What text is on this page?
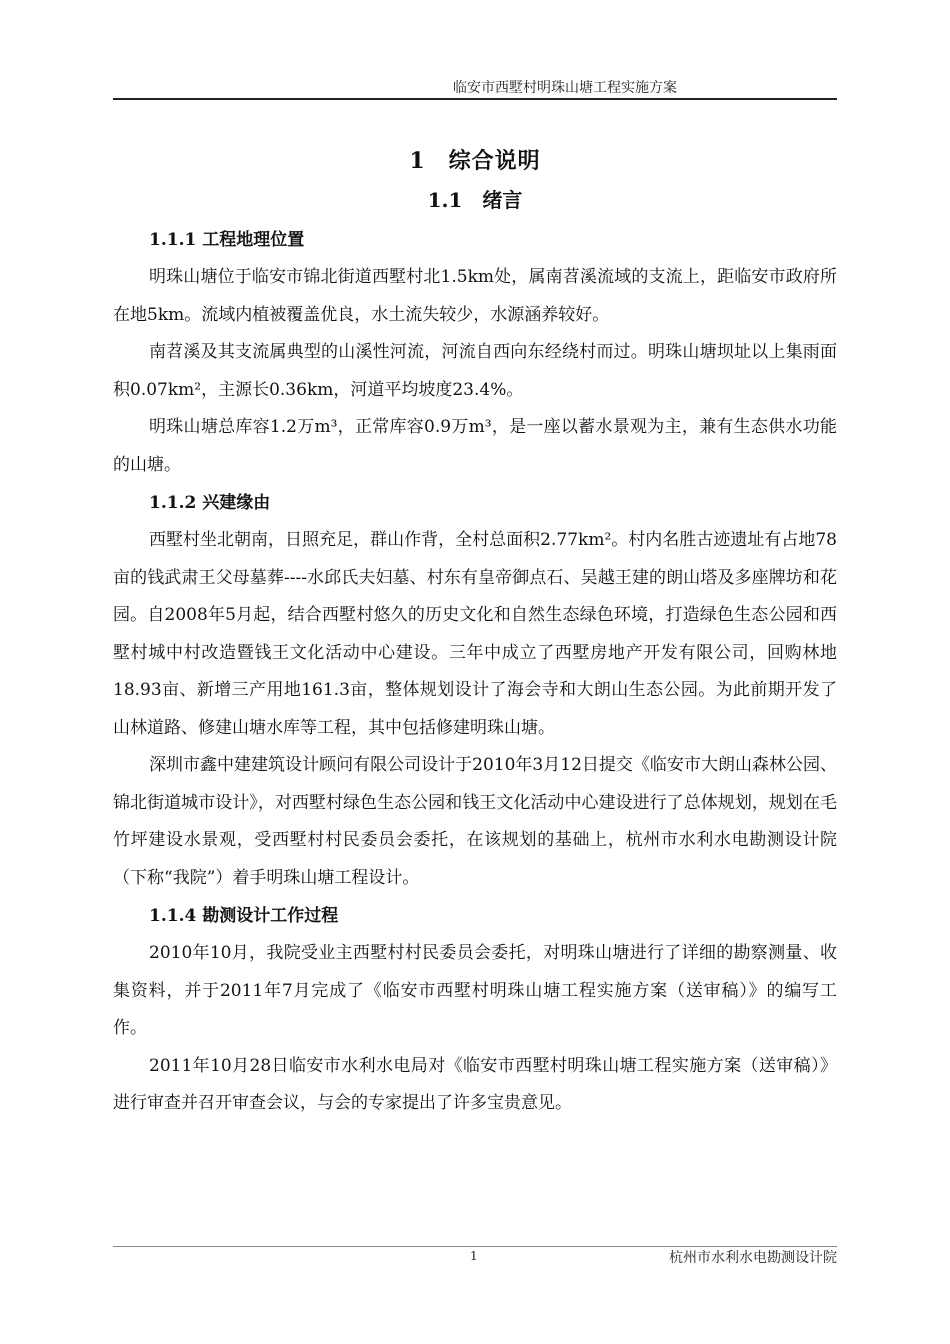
临安市西墅村明珠山塘工程实施方案
1　综合说明
1.1　绪言
1.1.1 工程地理位置

明珠山塘位于临安市锦北街道西墅村北1.5km处，属南苕溪流域的支流上，距临安市政府所在地5km。流域内植被覆盖优良，水土流失较少，水源涵养较好。

南苕溪及其支流属典型的山溪性河流，河流自西向东经绕村而过。明珠山塘坝址以上集雨面积0.07km²，主源长0.36km，河道平均坡度23.4%。

明珠山塘总库容1.2万m³，正常库容0.9万m³，是一座以蓄水景观为主，兼有生态供水功能的山塘。

1.1.2 兴建缘由

西墅村坐北朝南，日照充足，群山作背，全村总面积2.77km²。村内名胜古迹遗址有占地78亩的钱武肃王父母墓葬----水邱氏夫妇墓、村东有皇帝御点石、吴越王建的朗山塔及多座牌坊和花园。自2008年5月起，结合西墅村悠久的历史文化和自然生态绿色环境，打造绿色生态公园和西墅村城中村改造暨钱王文化活动中心建设。三年中成立了西墅房地产开发有限公司，回购林地18.93亩、新增三产用地161.3亩，整体规划设计了海会寺和大朗山生态公园。为此前期开发了山林道路、修建山塘水库等工程，其中包括修建明珠山塘。

深圳市鑫中建建筑设计顾问有限公司设计于2010年3月12日提交《临安市大朗山森林公园、锦北街道城市设计》，对西墅村绿色生态公园和钱王文化活动中心建设进行了总体规划，规划在毛竹坪建设水景观，受西墅村村民委员会委托，在该规划的基础上，杭州市水利水电勘测设计院（下称“我院”）着手明珠山塘工程设计。

1.1.4 勘测设计工作过程

2010年10月，我院受业主西墅村村民委员会委托，对明珠山塘进行了详细的勘察测量、收集资料，并于2011年7月完成了《临安市西墅村明珠山塘工程实施方案（送审稿）》的编写工作。

2011年10月28日临安市水利水电局对《临安市西墅村明珠山塘工程实施方案（送审稿）》进行审查并召开审查会议，与会的专家提出了许多宝贵意见。

1	杭州市水利水电勘测设计院
